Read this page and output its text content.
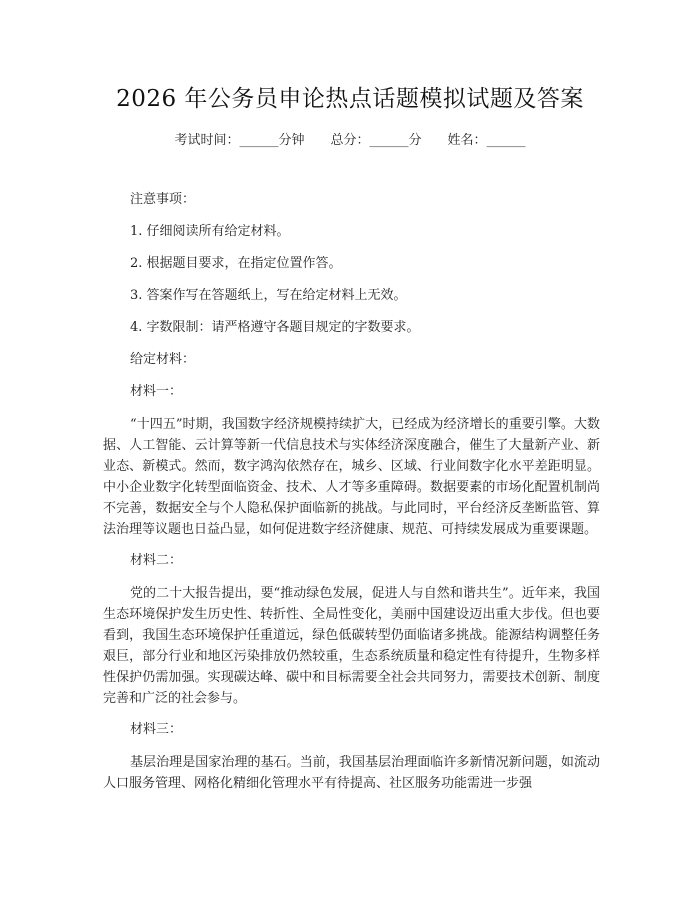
2026 年公务员申论热点话题模拟试题及答案
考试时间：______分钟 总分：______分 姓名：______

注意事项：

1. 仔细阅读所有给定材料。

2. 根据题目要求，在指定位置作答。

3. 答案作写在答题纸上，写在给定材料上无效。

4. 字数限制：请严格遵守各题目规定的字数要求。

给定材料：

材料一：

“十四五”时期，我国数字经济规模持续扩大，已经成为经济增长的重要引擎。大数据、人工智能、云计算等新一代信息技术与实体经济深度融合，催生了大量新产业、新业态、新模式。然而，数字鸿沟依然存在，城乡、区域、行业间数字化水平差距明显。中小企业数字化转型面临资金、技术、人才等多重障碍。数据要素的市场化配置机制尚不完善，数据安全与个人隐私保护面临新的挑战。与此同时，平台经济反垄断监管、算法治理等议题也日益凸显，如何促进数字经济健康、规范、可持续发展成为重要课题。

材料二：

党的二十大报告提出，要“推动绿色发展，促进人与自然和谐共生”。近年来，我国生态环境保护发生历史性、转折性、全局性变化，美丽中国建设迈出重大步伐。但也要看到，我国生态环境保护任重道远，绿色低碳转型仍面临诸多挑战。能源结构调整任务艰巨，部分行业和地区污染排放仍然较重，生态系统质量和稳定性有待提升，生物多样性保护仍需加强。实现碳达峰、碳中和目标需要全社会共同努力，需要技术创新、制度完善和广泛的社会参与。

材料三：

基层治理是国家治理的基石。当前，我国基层治理面临许多新情况新问题，如流动人口服务管理、网格化精细化管理水平有待提高、社区服务功能需进一步强
